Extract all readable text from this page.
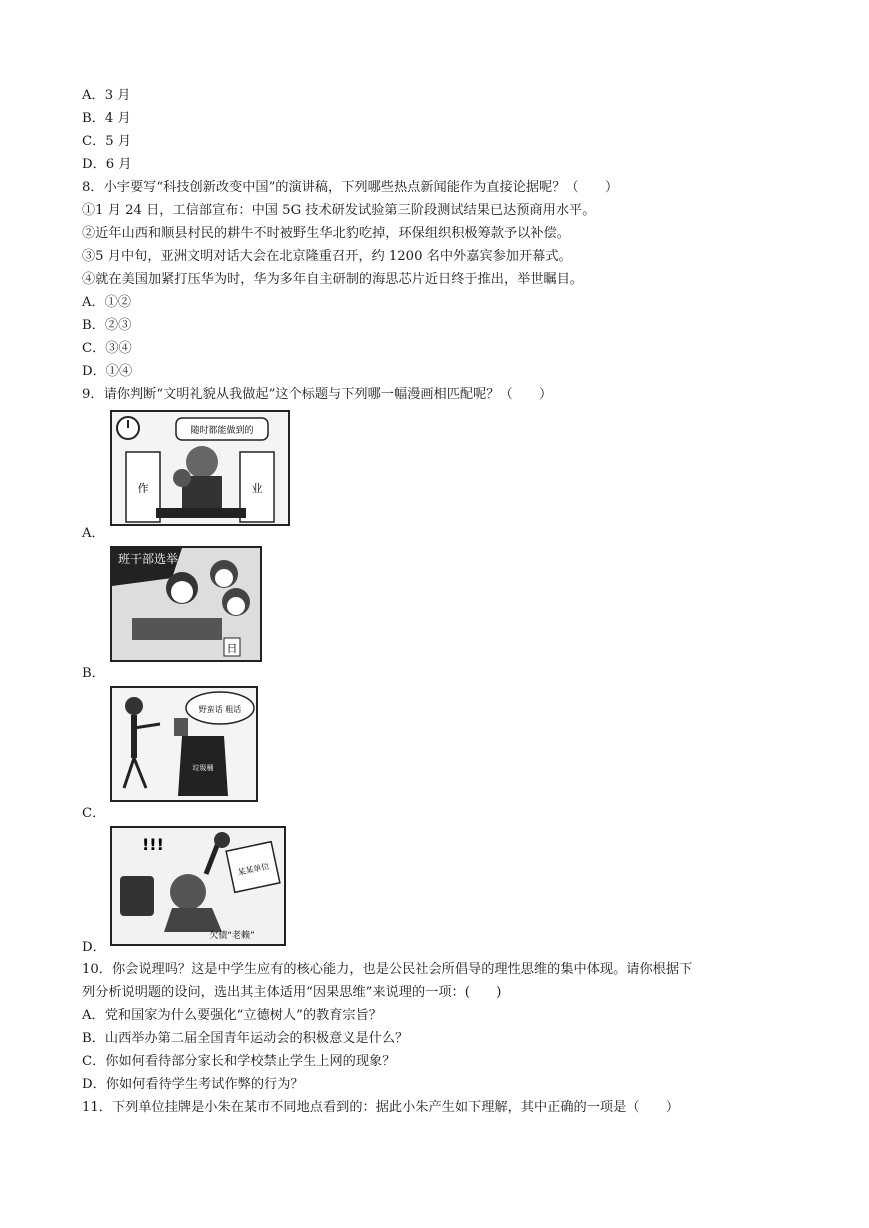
A．3 月
B．4 月
C．5 月
D．6 月
8．小宇要写“科技创新改变中国”的演讲稿，下列哪些热点新闻能作为直接论据呢？（　　）
①1 月 24 日，工信部宣布：中国 5G 技术研发试验第三阶段测试结果已达预商用水平。
②近年山西和顺县村民的耕牛不时被野生华北豹吃掉，环保组织积极筹款予以补偿。
③5 月中旬，亚洲文明对话大会在北京隆重召开，约 1200 名中外嘉宾参加开幕式。
④就在美国加紧打压华为时，华为多年自主研制的海思芯片近日终于推出，举世瞩目。
A．①②
B．②③
C．③④
D．①④
9．请你判断“文明礼貌从我做起”这个标题与下列哪一幅漫画相匹配呢？（　　）
随时都能做到的
作	业
A．
班干部选举
日
B．
野蛮话 粗话
垃圾桶
C．
!!!
某某单位
欠债“老赖”
D．
10．你会说理吗？这是中学生应有的核心能力，也是公民社会所倡导的理性思维的集中体现。请你根据下
列分析说明题的设问，选出其主体适用“因果思维”来说理的一项：(　　)
A．党和国家为什么要强化“立德树人”的教育宗旨？
B．山西举办第二届全国青年运动会的积极意义是什么？
C．你如何看待部分家长和学校禁止学生上网的现象？
D．你如何看待学生考试作弊的行为？
11．下列单位挂牌是小朱在某市不同地点看到的：据此小朱产生如下理解，其中正确的一项是（　　）
